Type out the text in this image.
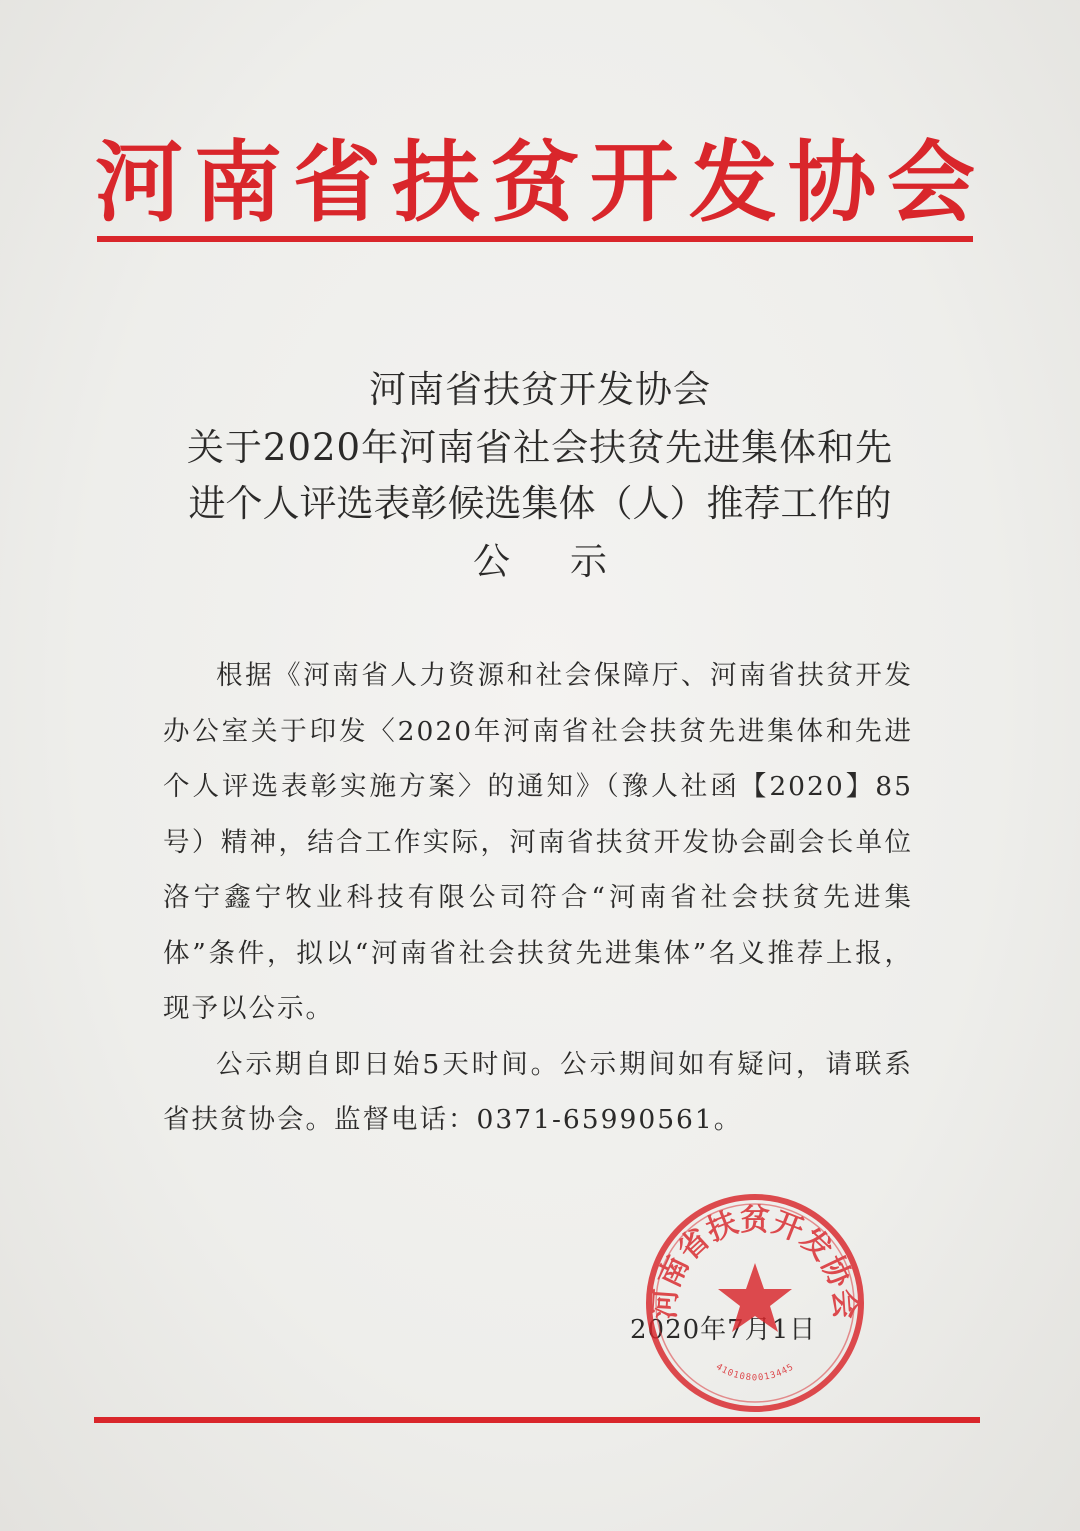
河 南 省 扶 贫 开 发 协 会
河南省扶贫开发协会
关于2020年河南省社会扶贫先进集体和先
进个人评选表彰候选集体（人）推荐工作的
公示

根据《河南省人力资源和社会保障厅、河南省扶贫开发办公室关于印发〈2020年河南省社会扶贫先进集体和先进个人评选表彰实施方案〉的通知》（豫人社函【2020】85号）精神，结合工作实际，河南省扶贫开发协会副会长单位洛宁鑫宁牧业科技有限公司符合“河南省社会扶贫先进集体”条件，拟以“河南省社会扶贫先进集体”名义推荐上报，现予以公示。

公示期自即日始5天时间。公示期间如有疑问，请联系省扶贫协会。监督电话：0371-65990561。

2020年7月1日
河南省扶贫开发协会
4101080013445
